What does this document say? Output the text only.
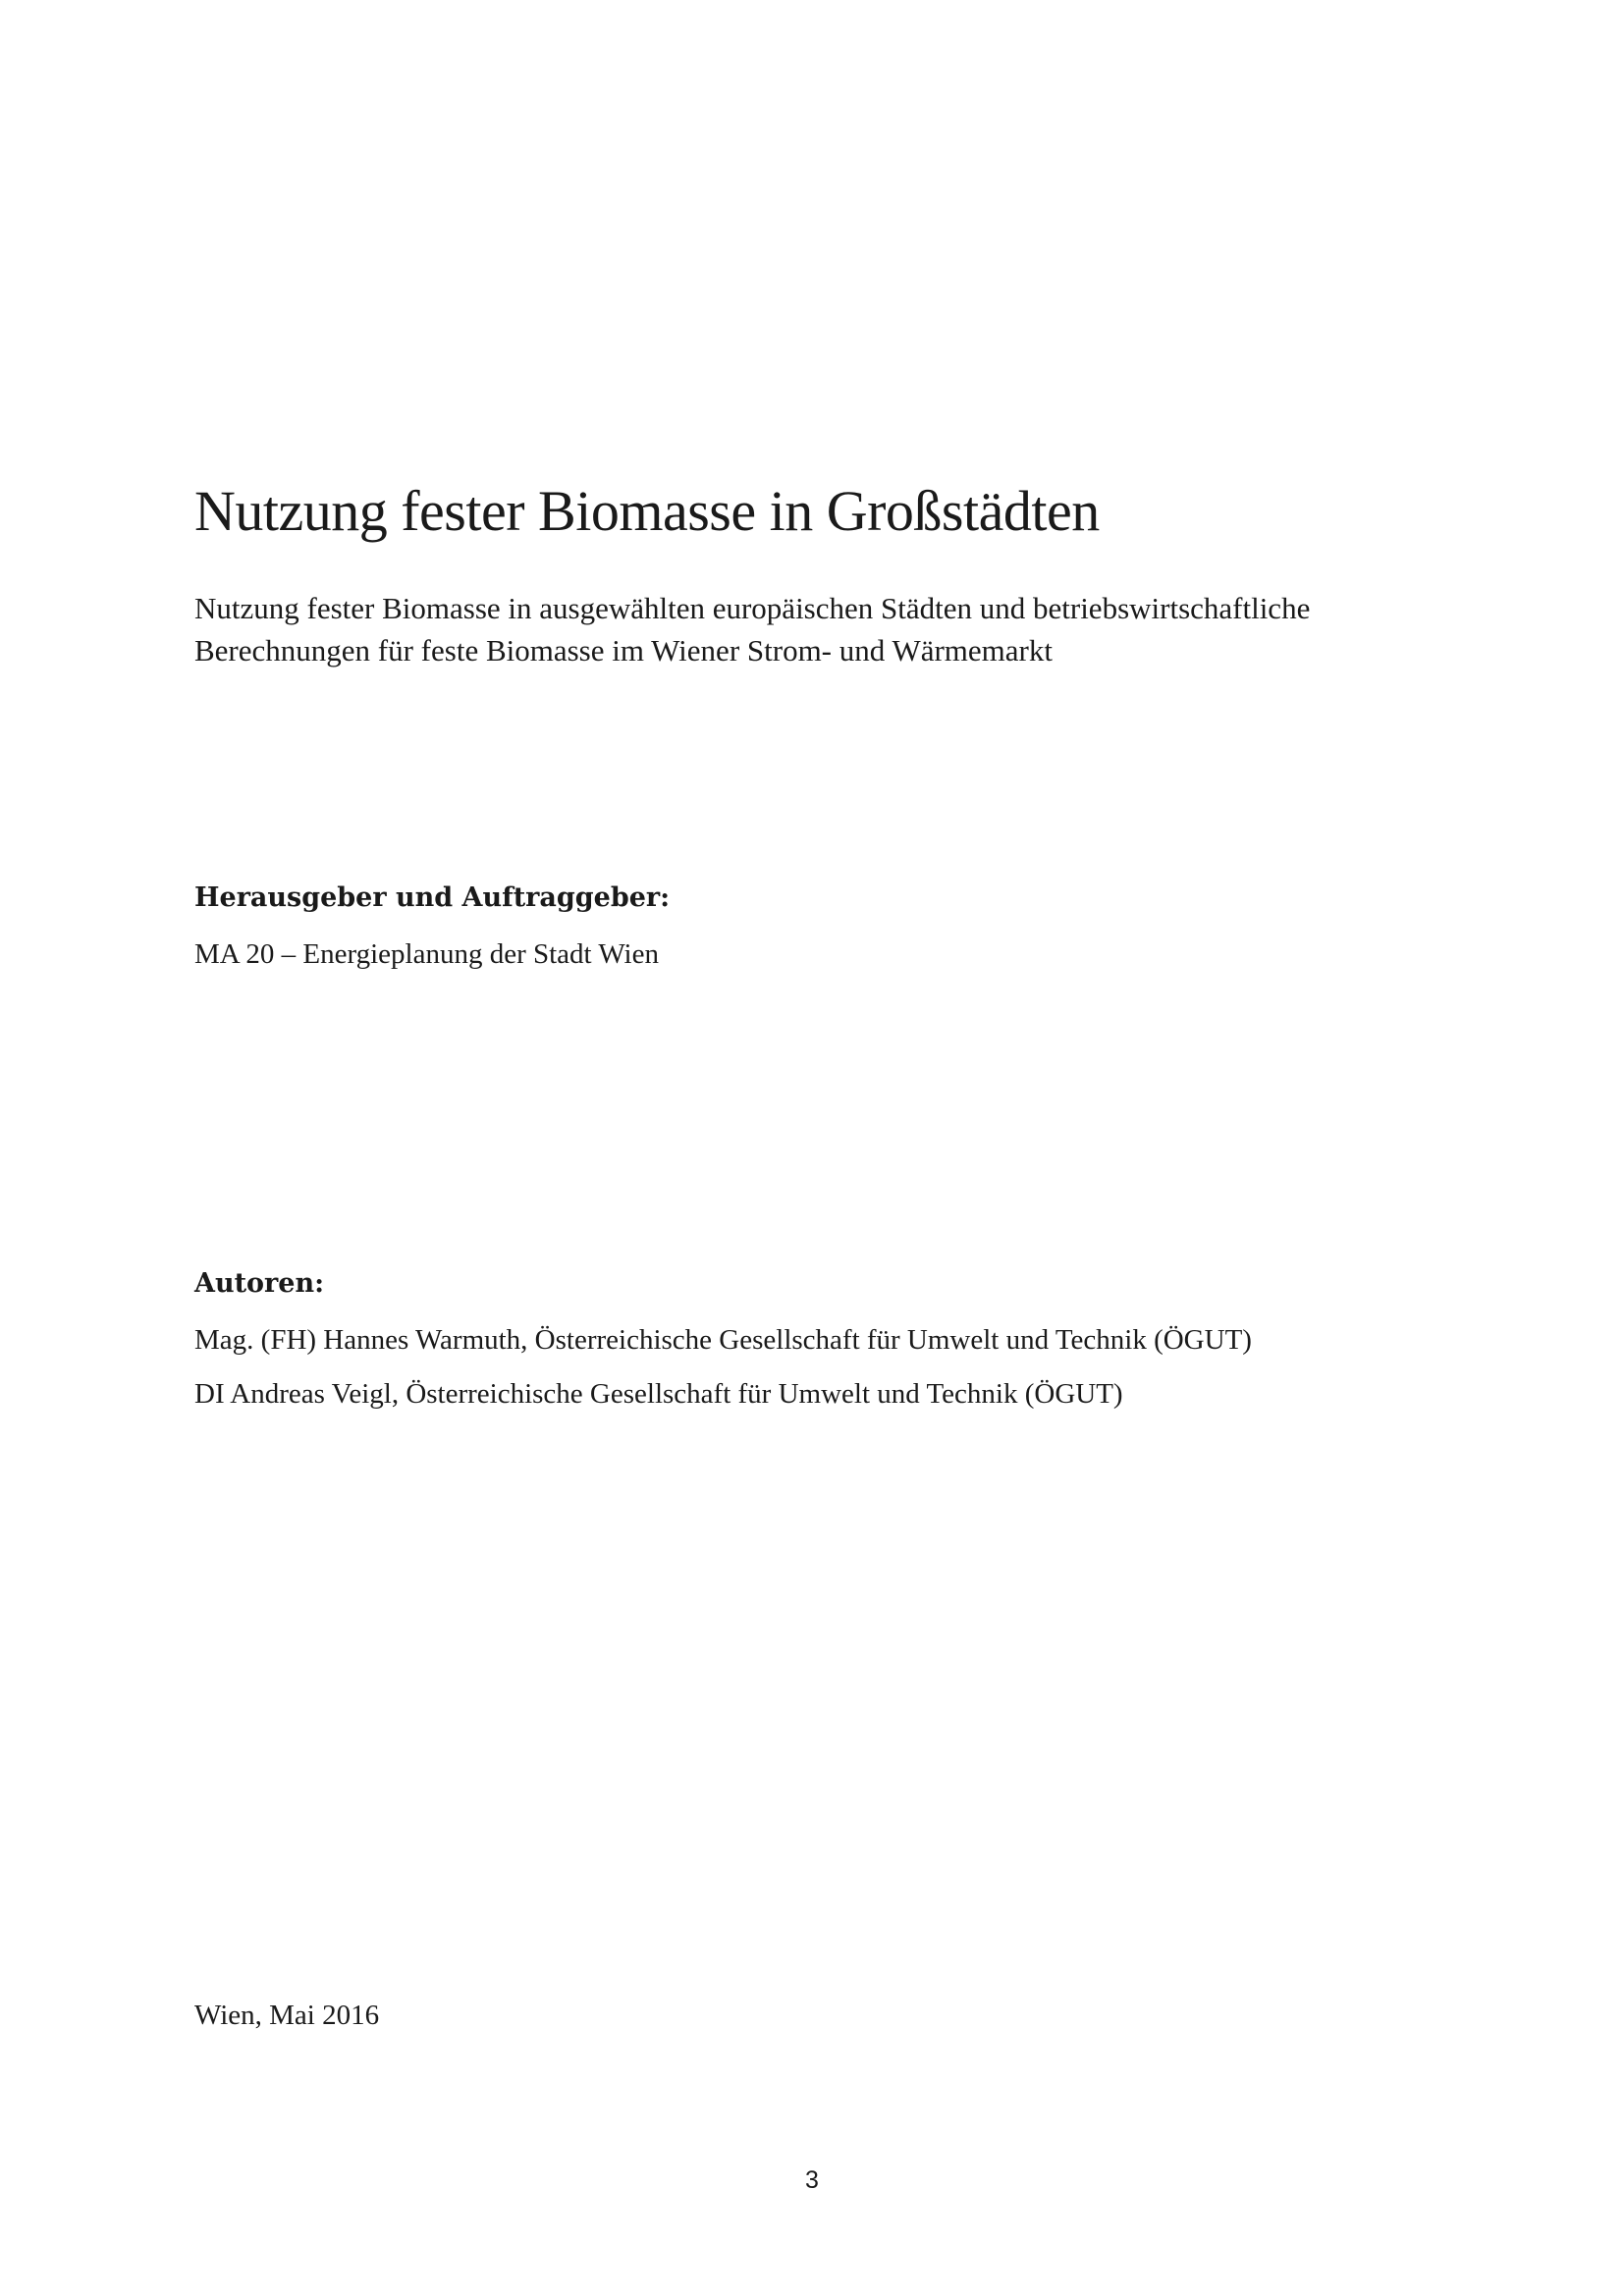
Nutzung fester Biomasse in Großstädten
Nutzung fester Biomasse in ausgewählten europäischen Städten und betriebswirtschaftliche
Berechnungen für feste Biomasse im Wiener Strom- und Wärmemarkt

Herausgeber und Auftraggeber:

MA 20 – Energieplanung der Stadt Wien

Autoren:

Mag. (FH) Hannes Warmuth, Österreichische Gesellschaft für Umwelt und Technik (ÖGUT)

DI Andreas Veigl, Österreichische Gesellschaft für Umwelt und Technik (ÖGUT)

Wien, Mai 2016

3
